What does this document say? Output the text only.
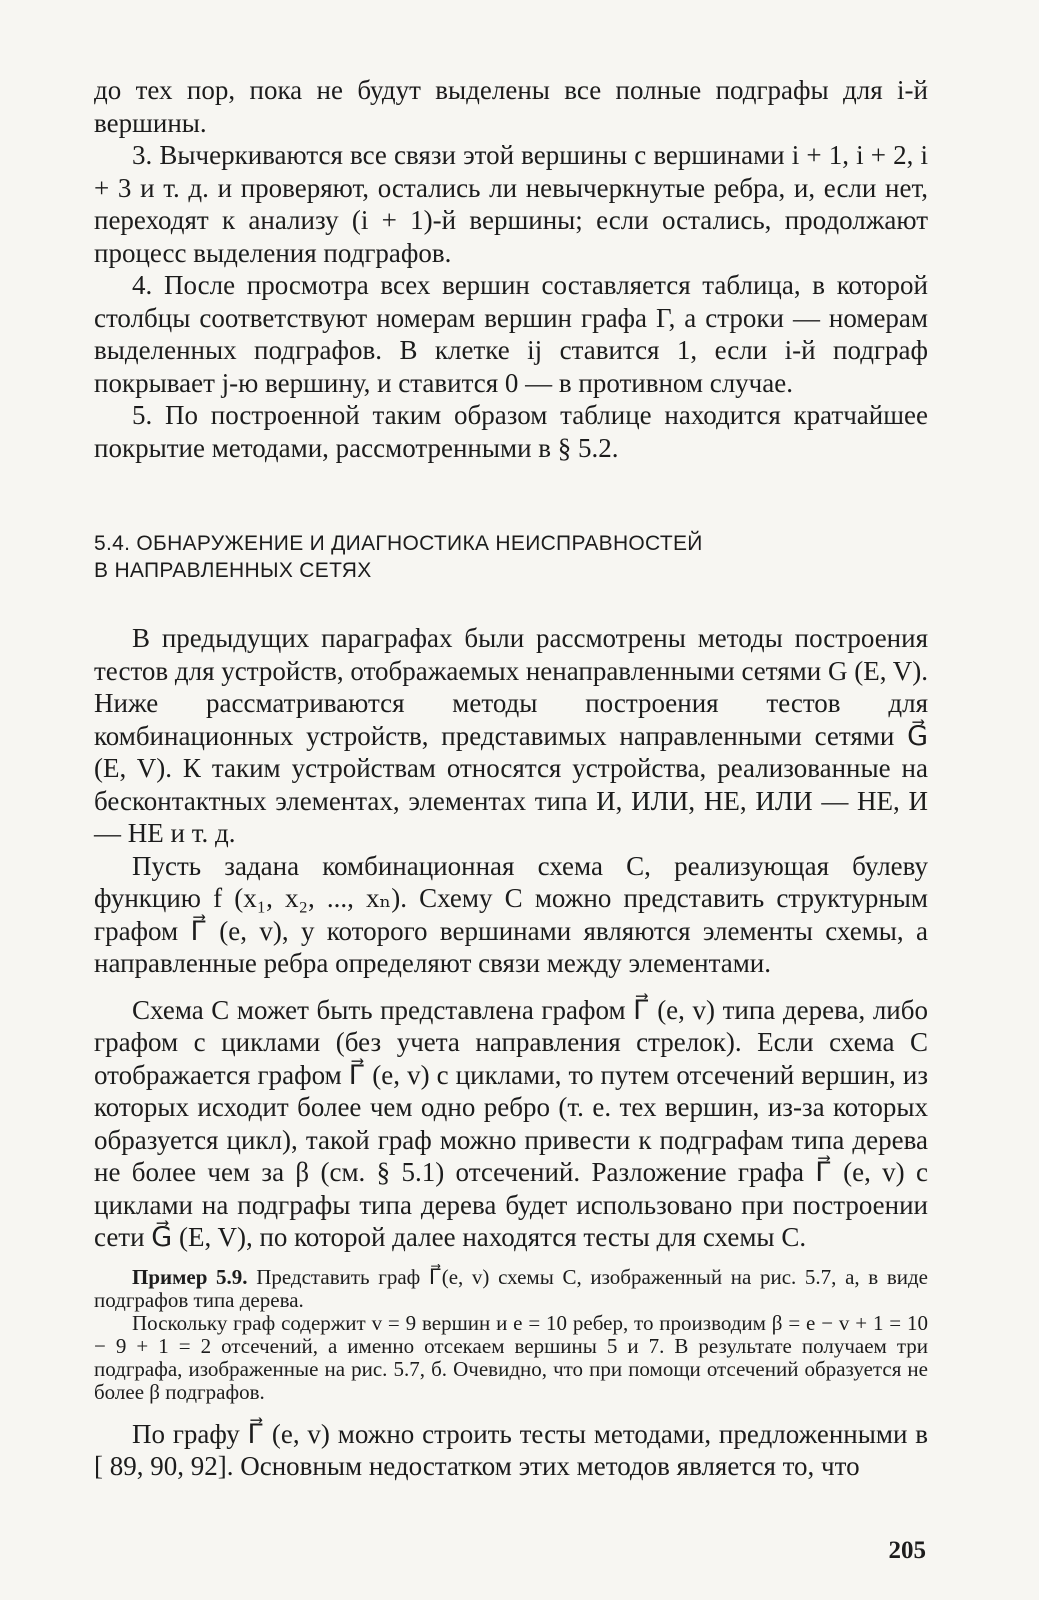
до тех пор, пока не будут выделены все полные подграфы для i-й вершины.

3. Вычеркиваются все связи этой вершины с вершинами i + 1, i + 2, i + 3 и т. д. и проверяют, остались ли невычеркнутые ребра, и, если нет, переходят к анализу (i + 1)-й вершины; если остались, продолжают процесс выделения подграфов.

4. После просмотра всех вершин составляется таблица, в которой столбцы соответствуют номерам вершин графа Г, а строки — номерам выделенных подграфов. В клетке ij ставится 1, если i-й подграф покрывает j-ю вершину, и ставится 0 — в противном случае.

5. По построенной таким образом таблице находится кратчайшее покрытие методами, рассмотренными в § 5.2.

5.4. ОБНАРУЖЕНИЕ И ДИАГНОСТИКА НЕИСПРАВНОСТЕЙ
В НАПРАВЛЕННЫХ СЕТЯХ

В предыдущих параграфах были рассмотрены методы построения тестов для устройств, отображаемых ненаправленными сетями G (E, V). Ниже рассматриваются методы построения тестов для комбинационных устройств, представимых направленными сетями G⃗ (E, V). К таким устройствам относятся устройства, реализованные на бесконтактных элементах, элементах типа И, ИЛИ, НЕ, ИЛИ — НЕ, И — НЕ и т. д.

Пусть задана комбинационная схема C, реализующая булеву функцию f (x₁, x₂, ..., xₙ). Схему C можно представить структурным графом Г⃗ (e, v), у которого вершинами являются элементы схемы, а направленные ребра определяют связи между элементами.

Схема C может быть представлена графом Г⃗ (e, v) типа дерева, либо графом с циклами (без учета направления стрелок). Если схема C отображается графом Г⃗ (e, v) с циклами, то путем отсечений вершин, из которых исходит более чем одно ребро (т. е. тех вершин, из-за которых образуется цикл), такой граф можно привести к подграфам типа дерева не более чем за β (см. § 5.1) отсечений. Разложение графа Г⃗ (e, v) с циклами на подграфы типа дерева будет использовано при построении сети G⃗ (E, V), по которой далее находятся тесты для схемы C.

Пример 5.9. Представить граф Г⃗(e, v) схемы C, изображенный на рис. 5.7, а, в виде подграфов типа дерева.

Поскольку граф содержит v = 9 вершин и e = 10 ребер, то производим β = e − v + 1 = 10 − 9 + 1 = 2 отсечений, а именно отсекаем вершины 5 и 7. В результате получаем три подграфа, изображенные на рис. 5.7, б. Очевидно, что при помощи отсечений образуется не более β подграфов.

По графу Г⃗ (e, v) можно строить тесты методами, предложенными в [ 89, 90, 92]. Основным недостатком этих методов является то, что

205
